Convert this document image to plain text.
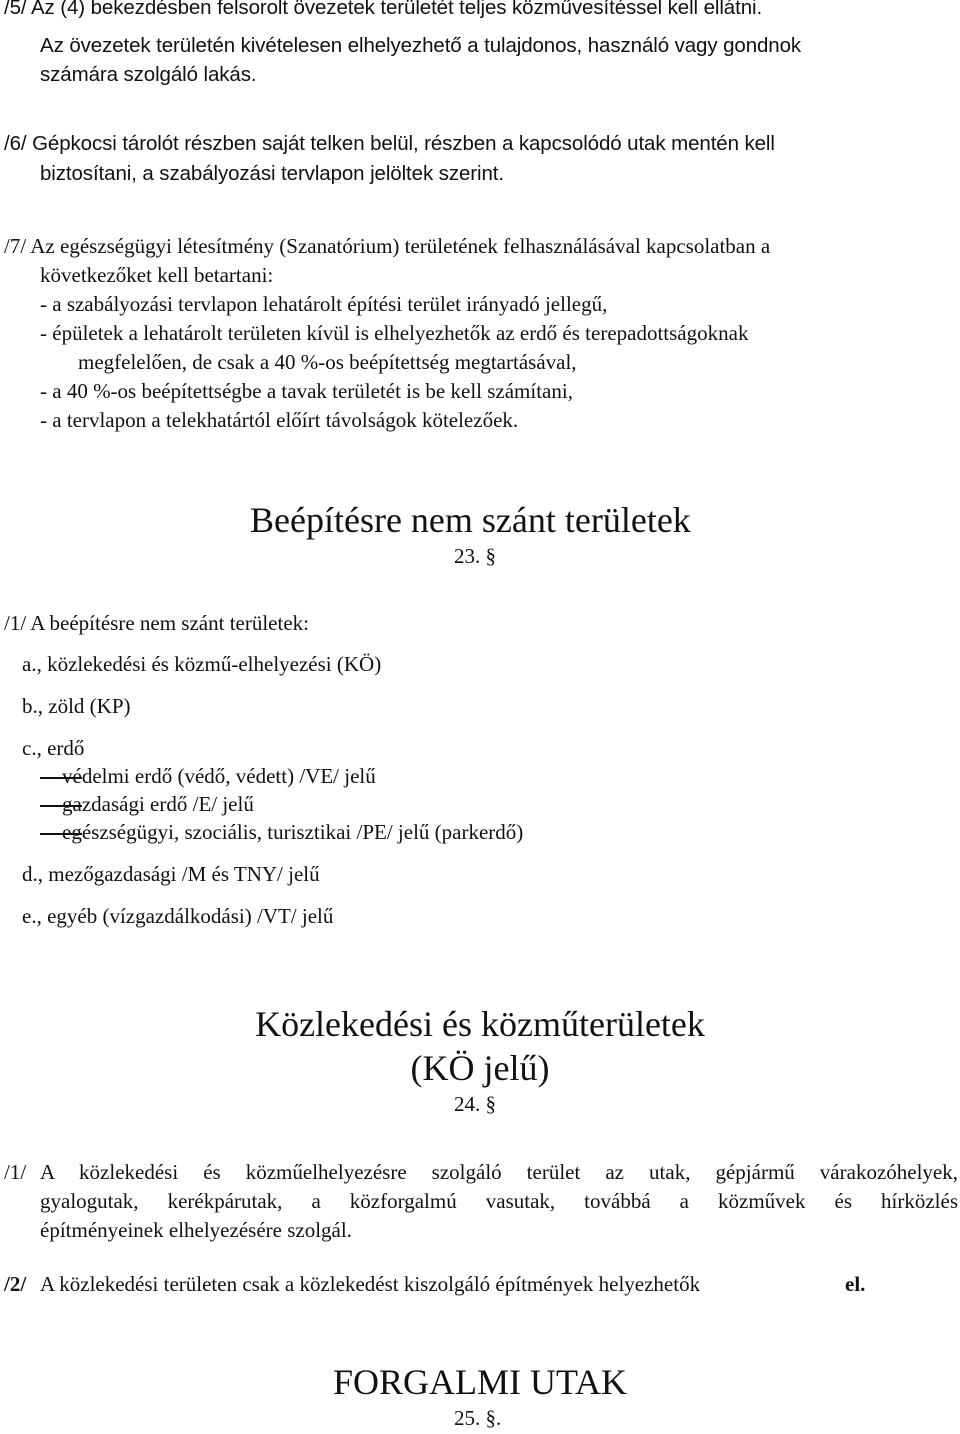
/5/ Az (4) bekezdésben felsorolt övezetek területét teljes közművesítéssel kell ellátni.
Az övezetek területén kivételesen elhelyezhető a tulajdonos, használó vagy gondnok
számára szolgáló lakás.
/6/ Gépkocsi tárolót részben saját telken belül, részben a kapcsolódó utak mentén kell
biztosítani, a szabályozási tervlapon jelöltek szerint.
/7/ Az egészségügyi létesítmény (Szanatórium) területének felhasználásával kapcsolatban a
következőket kell betartani:
- a szabályozási tervlapon lehatárolt építési terület irányadó jellegű,
- épületek a lehatárolt területen kívül is elhelyezhetők az erdő és terepadottságoknak
megfelelően, de csak a 40 %-os beépítettség megtartásával,
- a 40 %-os beépítettségbe a tavak területét is be kell számítani,
- a tervlapon a telekhatártól előírt távolságok kötelezőek.
Beépítésre nem szánt területek
23. §
/1/ A beépítésre nem szánt területek:
a., közlekedési és közmű-elhelyezési (KÖ)
b., zöld (KP)
c., erdő
védelmi erdő (védő, védett) /VE/ jelű
gazdasági erdő /E/ jelű
egészségügyi, szociális, turisztikai /PE/ jelű (parkerdő)
d., mezőgazdasági /M és TNY/ jelű
e., egyéb (vízgazdálkodási) /VT/ jelű
Közlekedési és közműterületek
(KÖ jelű)
24. §
/1/ A közlekedési és közműelhelyezésre szolgáló terület az utak, gépjármű várakozóhelyek,
gyalogutak, kerékpárutak, a közforgalmú vasutak, továbbá a közművek és hírközlés
építményeinek elhelyezésére szolgál.
/2/ A közlekedési területen csak a közlekedést kiszolgáló építmények helyezhetők	el.
FORGALMI UTAK
25. §.
